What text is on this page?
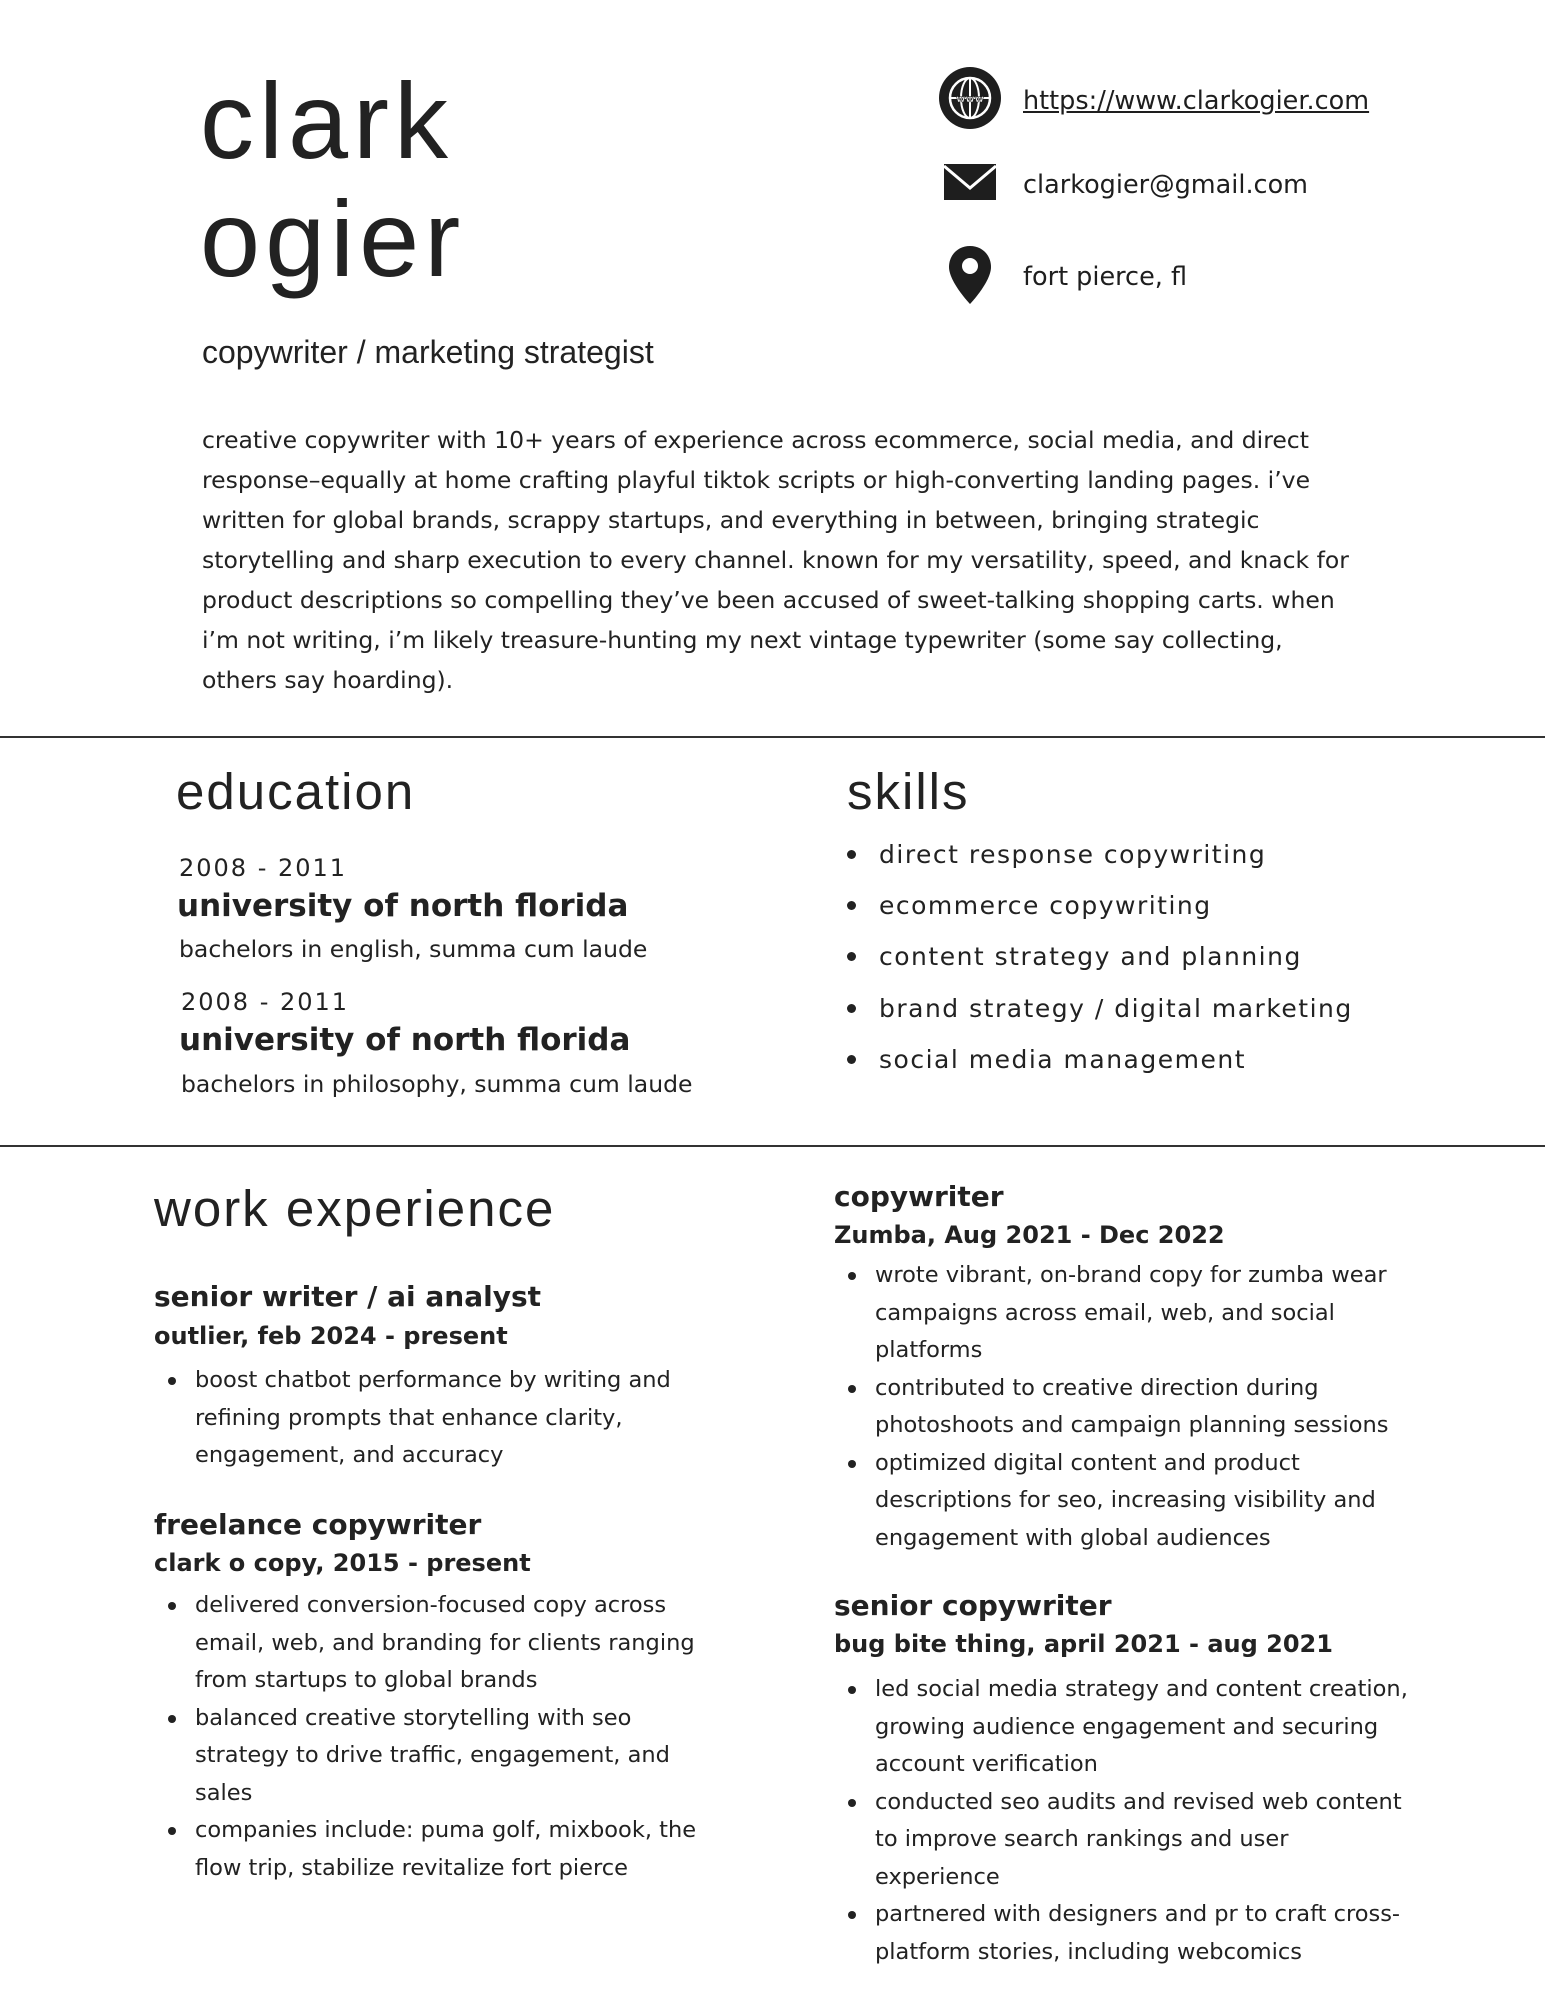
clark
ogier
copywriter / marketing strategist
creative copywriter with 10+ years of experience across ecommerce, social media, and direct response–equally at home crafting playful tiktok scripts or high-converting landing pages. i’ve written for global brands, scrappy startups, and everything in between, bringing strategic storytelling and sharp execution to every channel. known for my versatility, speed, and knack for product descriptions so compelling they’ve been accused of sweet-talking shopping carts. when i’m not writing, i’m likely treasure-hunting my next vintage typewriter (some say collecting, others say hoarding).
www https://www.clarkogier.com
clarkogier@gmail.com
fort pierce, fl
education
2008 - 2011
university of north florida
bachelors in english, summa cum laude
2008 - 2011
university of north florida
bachelors in philosophy, summa cum laude
skills
direct response copywriting
ecommerce copywriting
content strategy and planning
brand strategy / digital marketing
social media management
work experience
senior writer / ai analyst
outlier, feb 2024 - present
boost chatbot performance by writing and refining prompts that enhance clarity, engagement, and accuracy
freelance copywriter
clark o copy, 2015 - present
delivered conversion-focused copy across email, web, and branding for clients ranging from startups to global brands
balanced creative storytelling with seo strategy to drive traffic, engagement, and sales
companies include: puma golf, mixbook, the flow trip, stabilize revitalize fort pierce
copywriter
Zumba, Aug 2021 - Dec 2022
wrote vibrant, on-brand copy for zumba wear campaigns across email, web, and social platforms
contributed to creative direction during photoshoots and campaign planning sessions
optimized digital content and product descriptions for seo, increasing visibility and engagement with global audiences
senior copywriter
bug bite thing, april 2021 - aug 2021
led social media strategy and content creation, growing audience engagement and securing account verification
conducted seo audits and revised web content to improve search rankings and user experience
partnered with designers and pr to craft cross-platform stories, including webcomics
